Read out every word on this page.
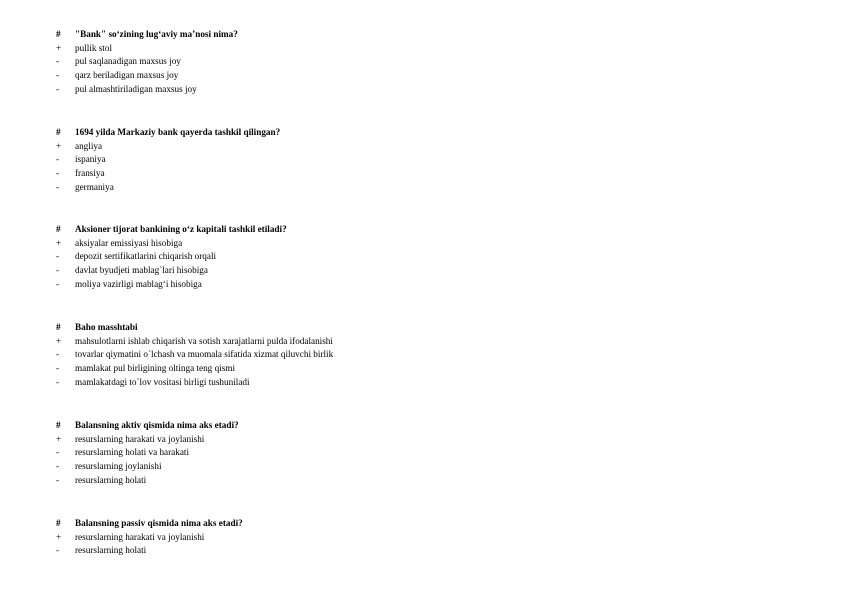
#	"Bank" so‘zining lug‘aviy ma’nosi nima?
+	pullik stol
-	pul saqlanadigan maxsus joy
-	qarz beriladigan maxsus joy
-	pul almashtiriladigan maxsus joy
#	1694 yilda Markaziy bank qayerda tashkil qilingan?
+	angliya
-	ispaniya
-	fransiya
-	germaniya
#	Aksioner tijorat bankining o‘z kapitali tashkil etiladi?
+	aksiyalar emissiyasi hisobiga
-	depozit sertifikatlarini chiqarish orqali
-	davlat byudjeti mablag`lari hisobiga
-	moliya vazirligi mablag‘i hisobiga
#	Baho masshtabi
+	mahsulotlarni ishlab chiqarish va sotish xarajatlarni pulda ifodalanishi
-	tovarlar qiymatini o`lchash va muomala sifatida xizmat qiluvchi birlik
-	mamlakat pul birligining oltinga teng qismi
-	mamlakatdagi to`lov vositasi birligi tushuniladi
#	Balansning aktiv qismida nima aks etadi?
+	resurslarning harakati va joylanishi
-	resurslarning holati va harakati
-	resurslarning joylanishi
-	resurslarning holati
#	Balansning passiv qismida nima aks etadi?
+	resurslarning harakati va joylanishi
-	resurslarning holati
